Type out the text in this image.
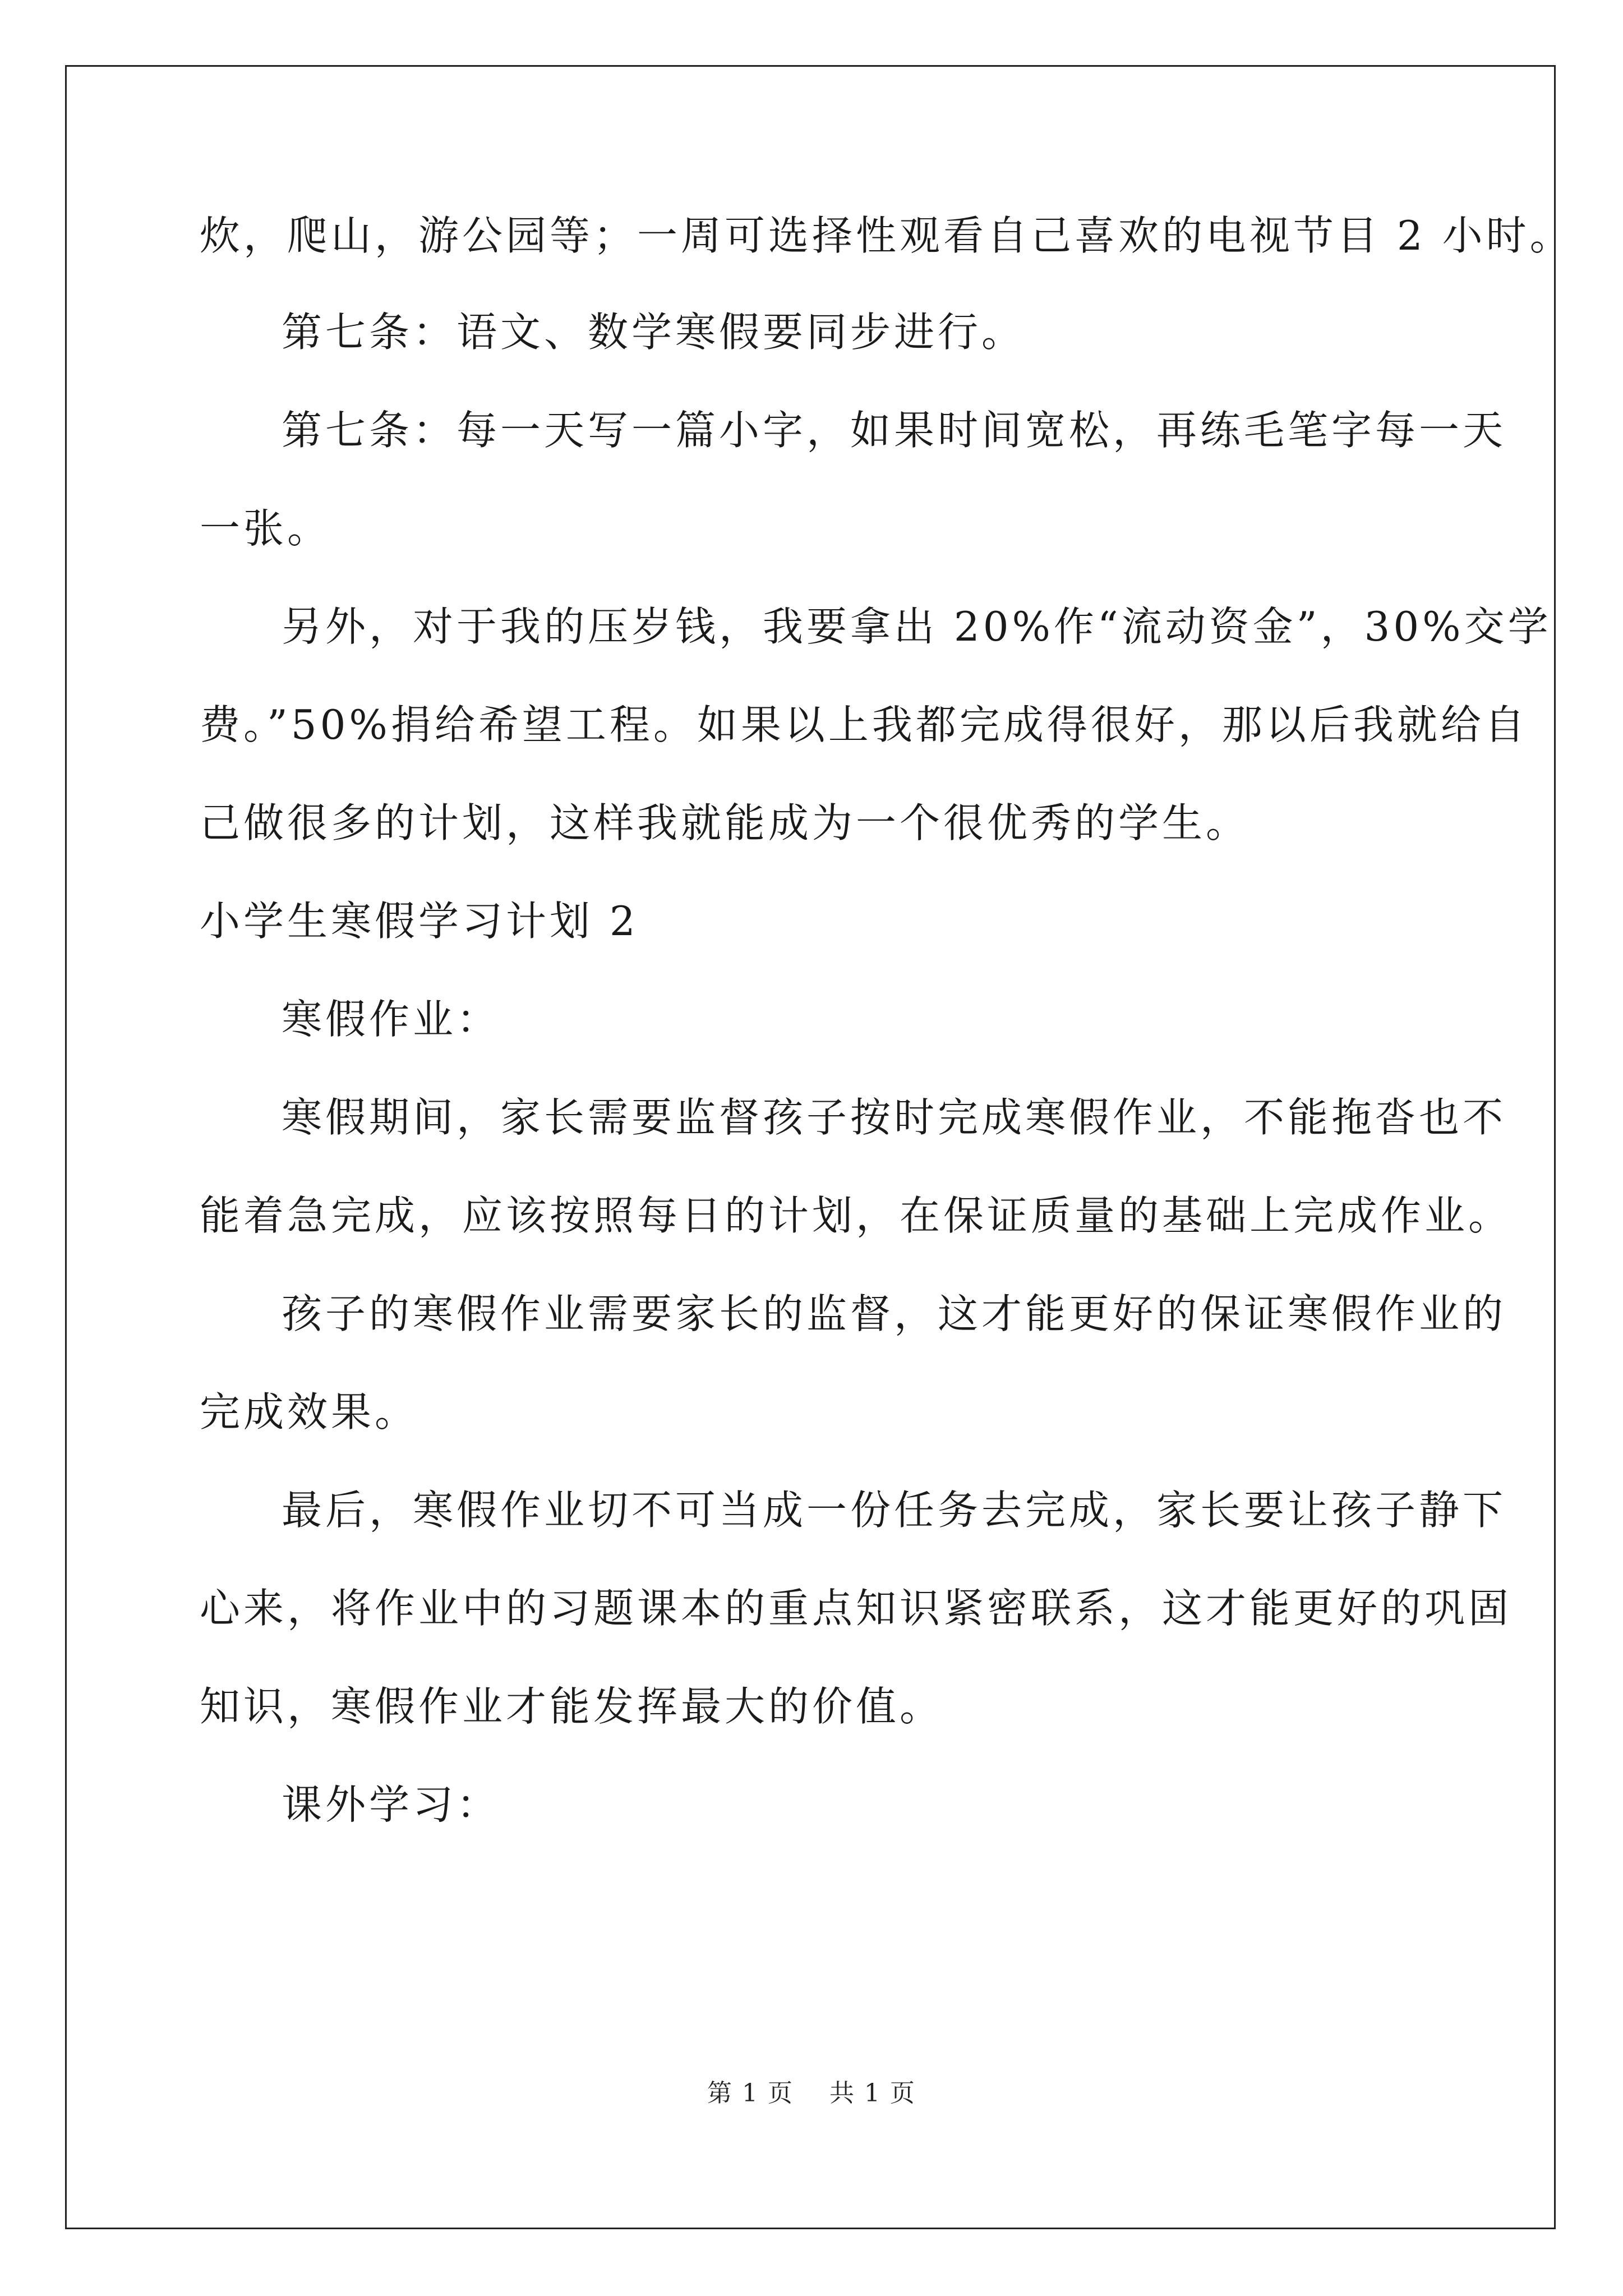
炊，爬山，游公园等；一周可选择性观看自己喜欢的电视节目 2 小时。
第七条：语文、数学寒假要同步进行。
第七条：每一天写一篇小字，如果时间宽松，再练毛笔字每一天
一张。
另外，对于我的压岁钱，我要拿出 20%作“流动资金”，30%交学
费。”50%捐给希望工程。如果以上我都完成得很好，那以后我就给自
己做很多的计划，这样我就能成为一个很优秀的学生。
小学生寒假学习计划 2
寒假作业：
寒假期间，家长需要监督孩子按时完成寒假作业，不能拖沓也不
能着急完成，应该按照每日的计划，在保证质量的基础上完成作业。
孩子的寒假作业需要家长的监督，这才能更好的保证寒假作业的
完成效果。
最后，寒假作业切不可当成一份任务去完成，家长要让孩子静下
心来，将作业中的习题课本的重点知识紧密联系，这才能更好的巩固
知识，寒假作业才能发挥最大的价值。
课外学习：
第 1 页 共 1 页
